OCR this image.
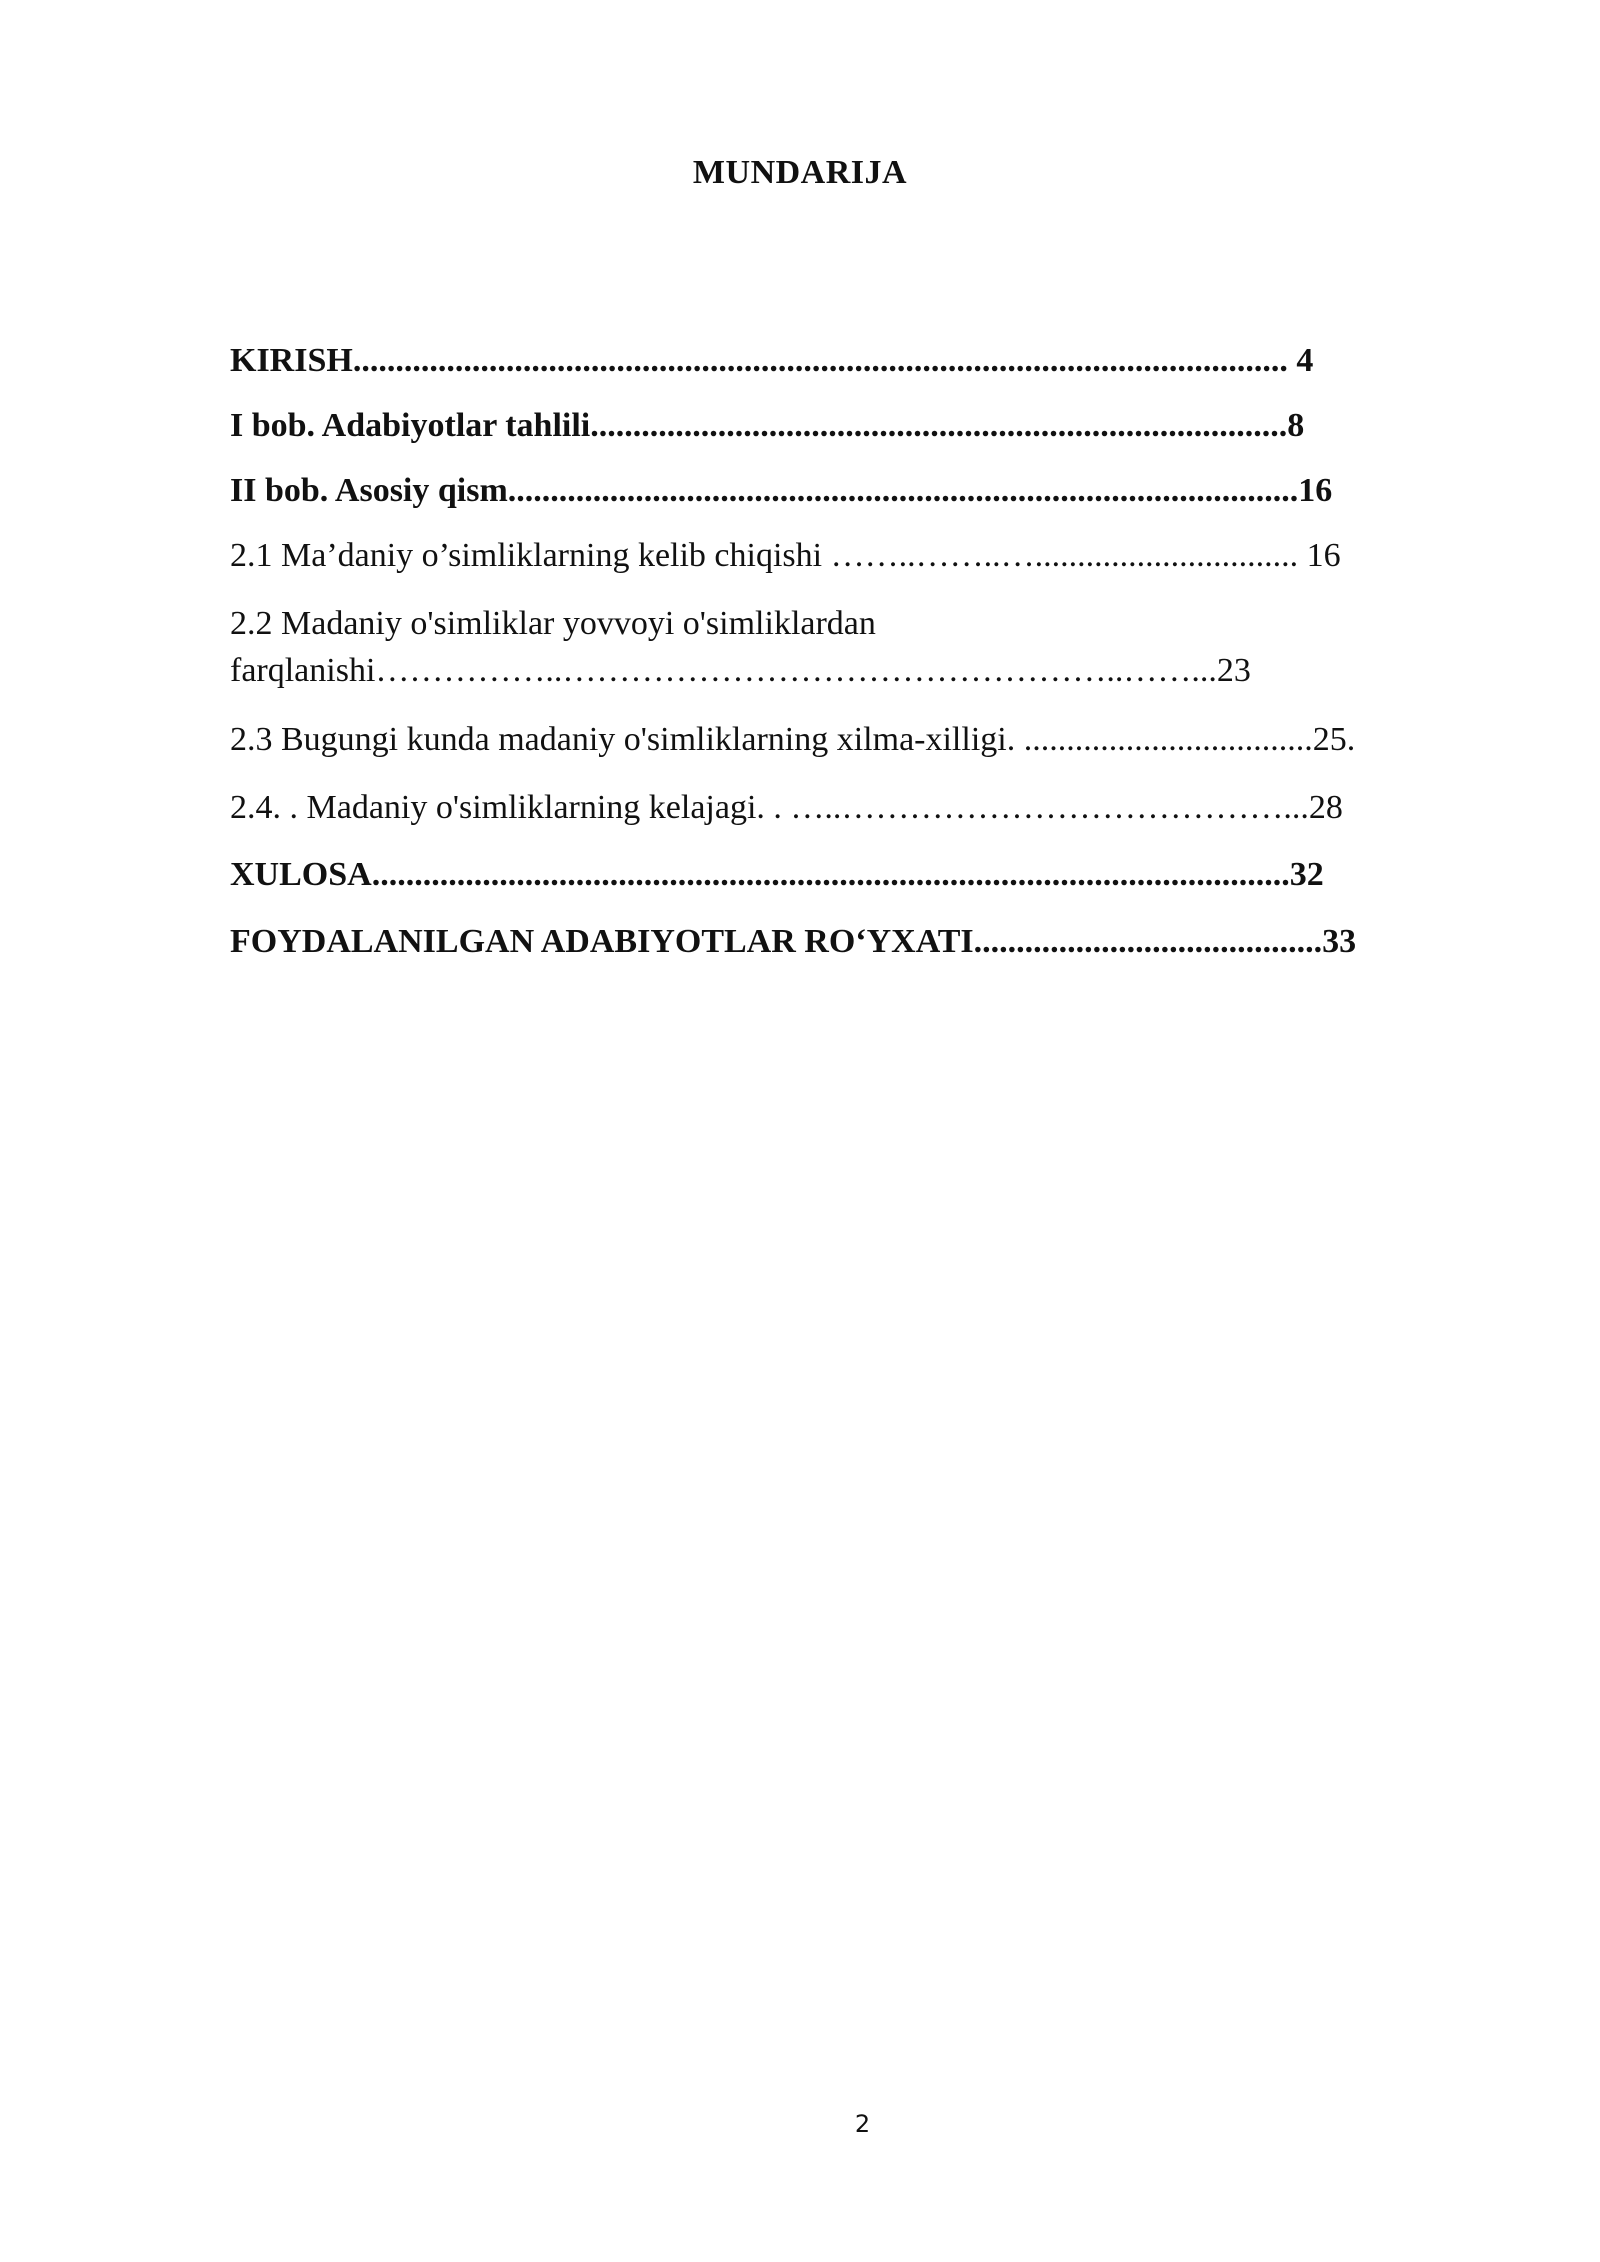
MUNDARIJA
KIRISH.............................................................................................................. 4
I bob. Adabiyotlar tahlili..................................................................................8
II bob. Asosiy qism.............................................................................................16
2.1 Ma’daniy o’simliklarning kelib chiqishi ……..……..…............................... 16
2.2 Madaniy o'simliklar yovvoyi o'simliklardan
farqlanishi……………..…………………………………………..……...23
2.3 Bugungi kunda madaniy o'simliklarning xilma-xilligi. ..................................25.
2.4. . Madaniy o'simliklarning kelajagi. . …..…………………………………...28
XULOSA............................................................................................................32
FOYDALANILGAN ADABIYOTLAR RO‘YXATI.........................................33
2
